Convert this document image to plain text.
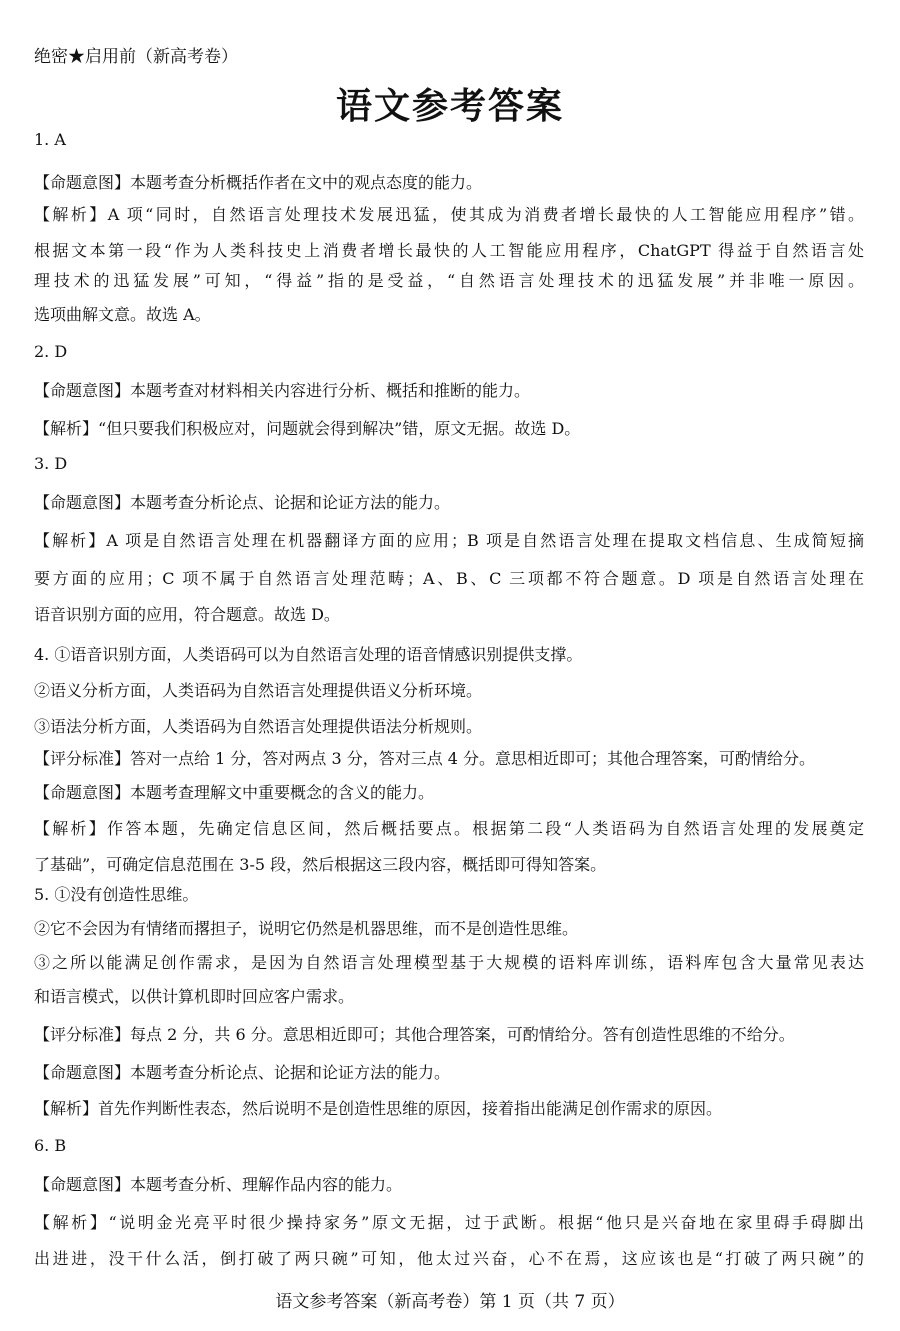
绝密★启用前（新高考卷）
语文参考答案
1. A
【命题意图】本题考查分析概括作者在文中的观点态度的能力。
【解析】A 项“同时，自然语言处理技术发展迅猛，使其成为消费者增长最快的人工智能应用程序”错。
根据文本第一段“作为人类科技史上消费者增长最快的人工智能应用程序，ChatGPT 得益于自然语言处
理技术的迅猛发展”可知，“得益”指的是受益，“自然语言处理技术的迅猛发展”并非唯一原因。
选项曲解文意。故选 A。
2. D
【命题意图】本题考查对材料相关内容进行分析、概括和推断的能力。
【解析】“但只要我们积极应对，问题就会得到解决”错，原文无据。故选 D。
3. D
【命题意图】本题考查分析论点、论据和论证方法的能力。
【解析】A 项是自然语言处理在机器翻译方面的应用；B 项是自然语言处理在提取文档信息、生成简短摘
要方面的应用；C 项不属于自然语言处理范畴；A、B、C 三项都不符合题意。D 项是自然语言处理在
语音识别方面的应用，符合题意。故选 D。
4. ①语音识别方面，人类语码可以为自然语言处理的语音情感识别提供支撑。
②语义分析方面，人类语码为自然语言处理提供语义分析环境。
③语法分析方面，人类语码为自然语言处理提供语法分析规则。
【评分标准】答对一点给 1 分，答对两点 3 分，答对三点 4 分。意思相近即可；其他合理答案，可酌情给分。
【命题意图】本题考查理解文中重要概念的含义的能力。
【解析】作答本题，先确定信息区间，然后概括要点。根据第二段“人类语码为自然语言处理的发展奠定
了基础”，可确定信息范围在 3-5 段，然后根据这三段内容，概括即可得知答案。
5. ①没有创造性思维。
②它不会因为有情绪而撂担子，说明它仍然是机器思维，而不是创造性思维。
③之所以能满足创作需求，是因为自然语言处理模型基于大规模的语料库训练，语料库包含大量常见表达
和语言模式，以供计算机即时回应客户需求。
【评分标准】每点 2 分，共 6 分。意思相近即可；其他合理答案，可酌情给分。答有创造性思维的不给分。
【命题意图】本题考查分析论点、论据和论证方法的能力。
【解析】首先作判断性表态，然后说明不是创造性思维的原因，接着指出能满足创作需求的原因。
6. B
【命题意图】本题考查分析、理解作品内容的能力。
【解析】“说明金光亮平时很少操持家务”原文无据，过于武断。根据“他只是兴奋地在家里碍手碍脚出
出进进，没干什么活，倒打破了两只碗”可知，他太过兴奋，心不在焉，这应该也是“打破了两只碗”的
语文参考答案（新高考卷）第 1 页（共 7 页）
